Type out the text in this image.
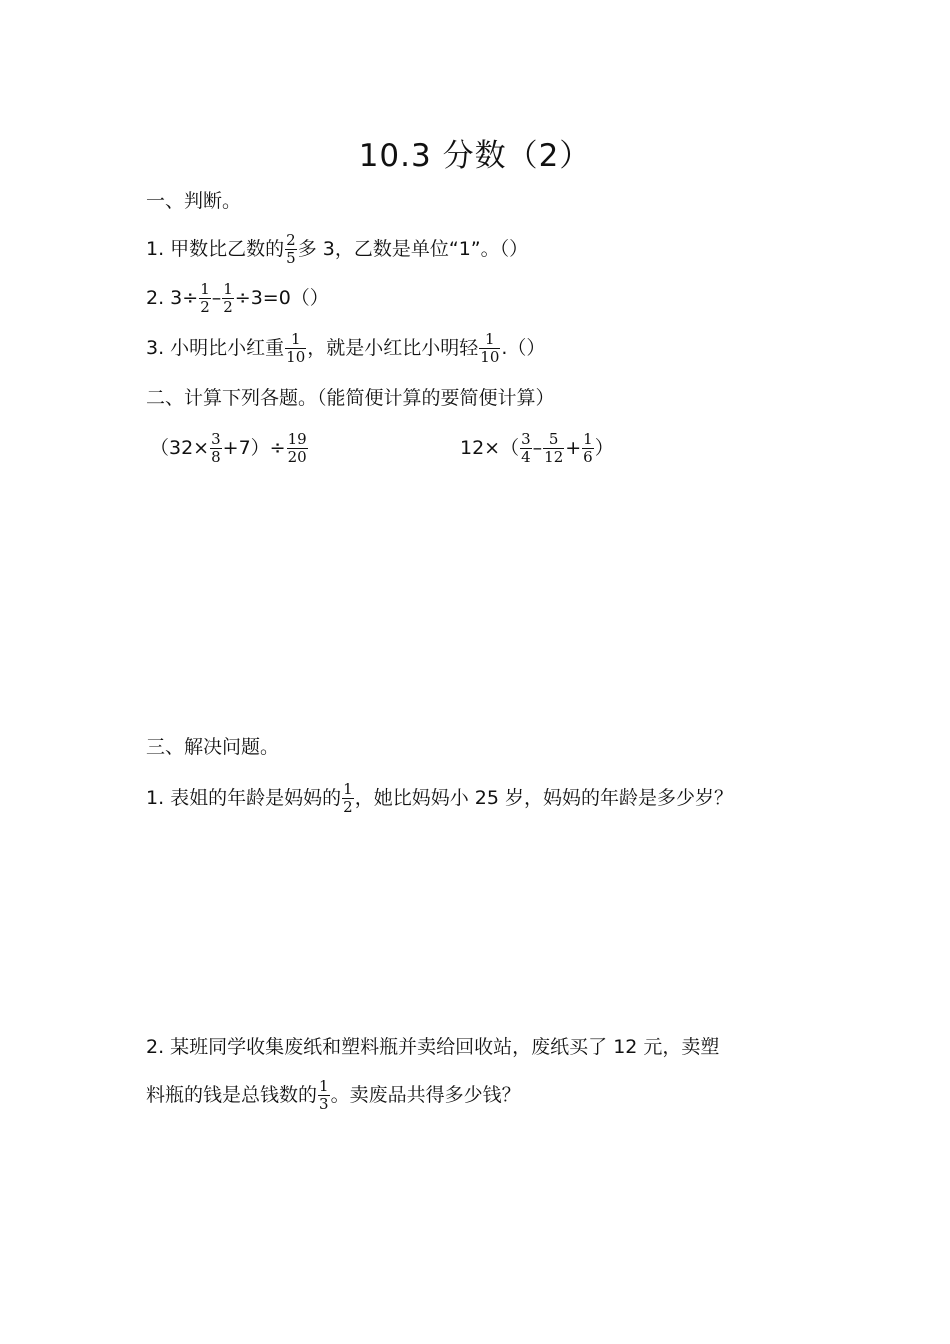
10.3 分数（2）
一、判断。
1. 甲数比乙数的 $\frac{2}{5}$ 多 3，乙数是单位“1”。（）
2. $3\div \frac{1}{2} - \frac{1}{2} \div 3=0()$
3. 小明比小红重 $\frac{1}{10}$ ，就是小红比小明轻 $\frac{1}{10}$ .（）
二、计算下列各题。（能简便计算的要简便计算）
$(32\times \frac{3}{8} +7)\div \frac{19}{20}$	$12\times( \frac{3}{4} - \frac{5}{12} + \frac{1}{6}$ ）
三、解决问题。
1. 表姐的年龄是妈妈的 $\frac{1}{2}$ ，她比妈妈小 25 岁，妈妈的年龄是多少岁？
2. 某班同学收集废纸和塑料瓶并卖给回收站，废纸买了 12 元，卖塑
料瓶的钱是总钱数的 $\frac{1}{3}$ 。卖废品共得多少钱？
